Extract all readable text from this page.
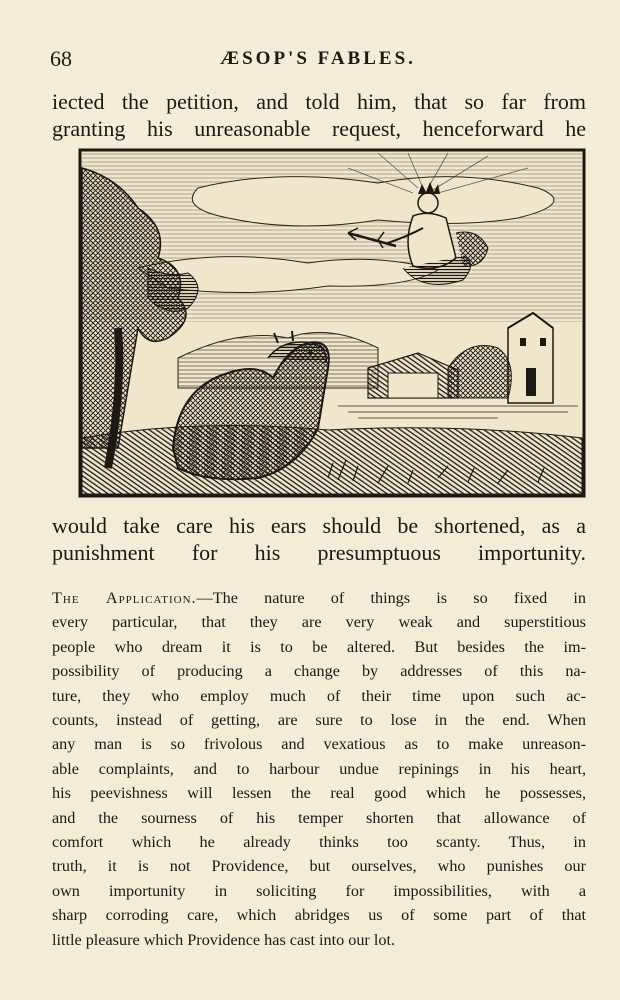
68	ÆSOP'S FABLES.
iected the petition, and told him, that so far from
granting his unreasonable request, henceforward he
would take care his ears should be shortened, as a
punishment for his presumptuous importunity.
The Application.—The nature of things is so fixed in
every particular, that they are very weak and superstitious
people who dream it is to be altered. But besides the im-
possibility of producing a change by addresses of this na-
ture, they who employ much of their time upon such ac-
counts, instead of getting, are sure to lose in the end. When
any man is so frivolous and vexatious as to make unreason-
able complaints, and to harbour undue repinings in his heart,
his peevishness will lessen the real good which he possesses,
and the sourness of his temper shorten that allowance of
comfort which he already thinks too scanty. Thus, in
truth, it is not Providence, but ourselves, who punishes our
own importunity in soliciting for impossibilities, with a
sharp corroding care, which abridges us of some part of that
little pleasure which Providence has cast into our lot.
